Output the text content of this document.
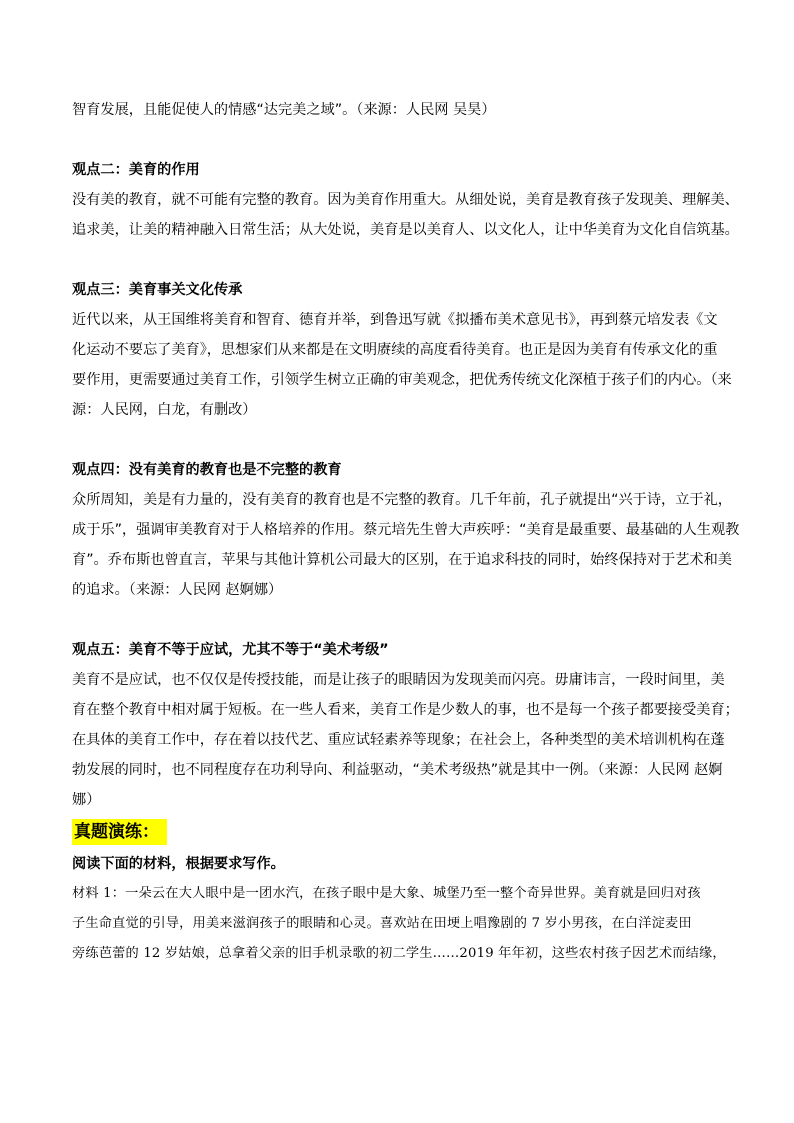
智育发展，且能促使人的情感“达完美之域”。（来源：人民网 吴昊）

观点二：美育的作用

没有美的教育，就不可能有完整的教育。因为美育作用重大。从细处说，美育是教育孩子发现美、理解美、

追求美，让美的精神融入日常生活；从大处说，美育是以美育人、以文化人，让中华美育为文化自信筑基。

观点三：美育事关文化传承

近代以来，从王国维将美育和智育、德育并举，到鲁迅写就《拟播布美术意见书》，再到蔡元培发表《文

化运动不要忘了美育》，思想家们从来都是在文明赓续的高度看待美育。也正是因为美育有传承文化的重

要作用，更需要通过美育工作，引领学生树立正确的审美观念，把优秀传统文化深植于孩子们的内心。（来

源：人民网，白龙，有删改）

观点四：没有美育的教育也是不完整的教育

众所周知，美是有力量的，没有美育的教育也是不完整的教育。几千年前，孔子就提出“兴于诗，立于礼，

成于乐”，强调审美教育对于人格培养的作用。蔡元培先生曾大声疾呼：“美育是最重要、最基础的人生观教

育”。乔布斯也曾直言，苹果与其他计算机公司最大的区别，在于追求科技的同时，始终保持对于艺术和美

的追求。（来源：人民网 赵婀娜）

观点五：美育不等于应试，尤其不等于“美术考级”

美育不是应试，也不仅仅是传授技能，而是让孩子的眼睛因为发现美而闪亮。毋庸讳言，一段时间里，美

育在整个教育中相对属于短板。在一些人看来，美育工作是少数人的事，也不是每一个孩子都要接受美育；

在具体的美育工作中，存在着以技代艺、重应试轻素养等现象；在社会上，各种类型的美术培训机构在蓬

勃发展的同时，也不同程度存在功利导向、利益驱动，“美术考级热”就是其中一例。（来源：人民网 赵婀

娜）

真题演练：

阅读下面的材料，根据要求写作。

材料 1：一朵云在大人眼中是一团水汽，在孩子眼中是大象、城堡乃至一整个奇异世界。美育就是回归对孩

子生命直觉的引导，用美来滋润孩子的眼睛和心灵。喜欢站在田埂上唱豫剧的 7 岁小男孩，在白洋淀麦田

旁练芭蕾的 12 岁姑娘，总拿着父亲的旧手机录歌的初二学生……2019 年年初，这些农村孩子因艺术而结缘，
